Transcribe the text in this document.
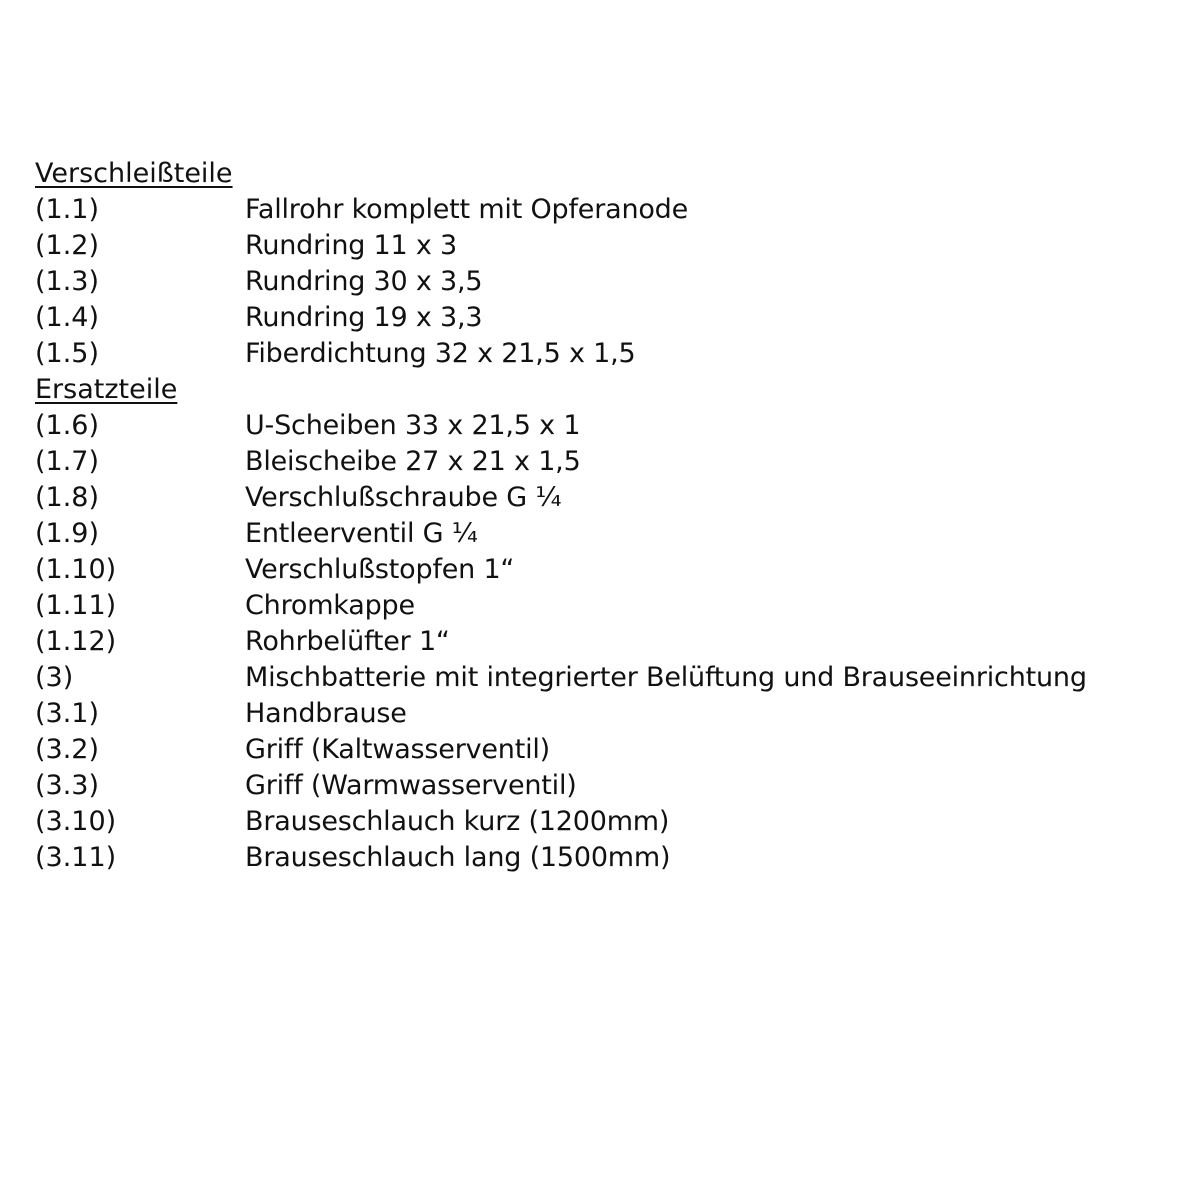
Verschleißteile
(1.1)	Fallrohr komplett mit Opferanode
(1.2)	Rundring 11 x 3
(1.3)	Rundring 30 x 3,5
(1.4)	Rundring 19 x 3,3
(1.5)	Fiberdichtung 32 x 21,5 x 1,5
Ersatzteile
(1.6)	U-Scheiben 33 x 21,5 x 1
(1.7)	Bleischeibe 27 x 21 x 1,5
(1.8)	Verschlußschraube G ¼
(1.9)	Entleerventil G ¼
(1.10)	Verschlußstopfen 1“
(1.11)	Chromkappe
(1.12)	Rohrbelüfter 1“
(3)	Mischbatterie mit integrierter Belüftung und Brauseeinrichtung
(3.1)	Handbrause
(3.2)	Griff (Kaltwasserventil)
(3.3)	Griff (Warmwasserventil)
(3.10)	Brauseschlauch kurz (1200mm)
(3.11)	Brauseschlauch lang (1500mm)
